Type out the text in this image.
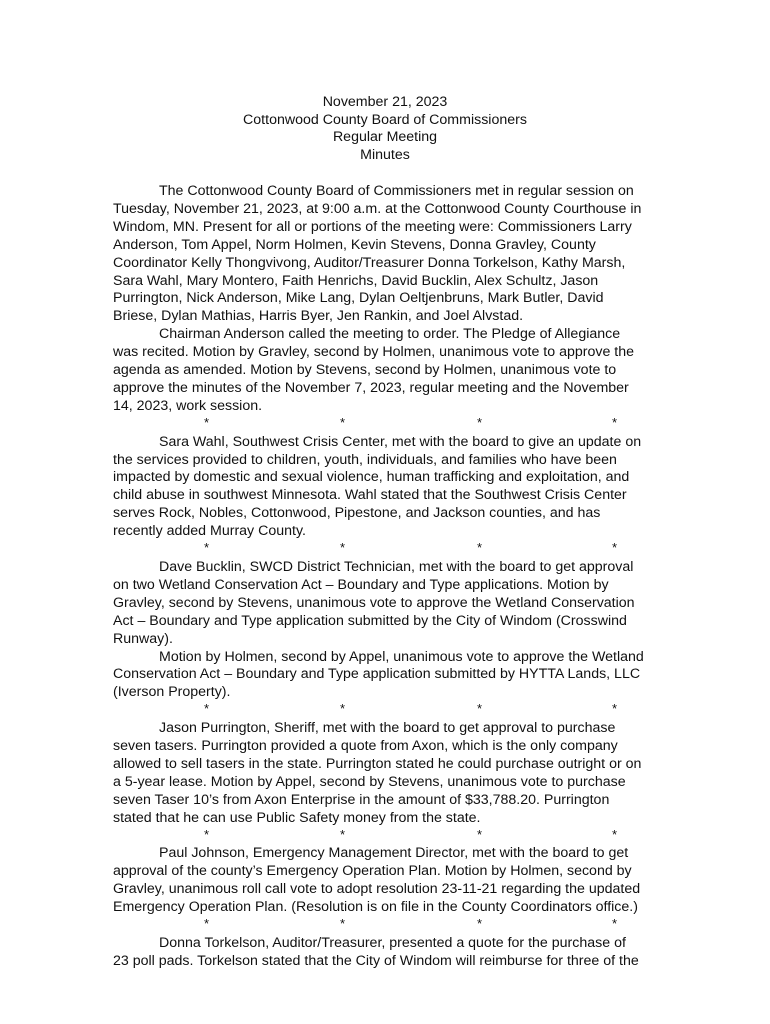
November 21, 2023
Cottonwood County Board of Commissioners
Regular Meeting
Minutes
The Cottonwood County Board of Commissioners met in regular session on
Tuesday, November 21, 2023, at 9:00 a.m. at the Cottonwood County Courthouse in
Windom, MN. Present for all or portions of the meeting were: Commissioners Larry
Anderson, Tom Appel, Norm Holmen, Kevin Stevens, Donna Gravley, County
Coordinator Kelly Thongvivong, Auditor/Treasurer Donna Torkelson, Kathy Marsh,
Sara Wahl, Mary Montero, Faith Henrichs, David Bucklin, Alex Schultz, Jason
Purrington, Nick Anderson, Mike Lang, Dylan Oeltjenbruns, Mark Butler, David
Briese, Dylan Mathias, Harris Byer, Jen Rankin, and Joel Alvstad.
Chairman Anderson called the meeting to order. The Pledge of Allegiance
was recited. Motion by Gravley, second by Holmen, unanimous vote to approve the
agenda as amended. Motion by Stevens, second by Holmen, unanimous vote to
approve the minutes of the November 7, 2023, regular meeting and the November
14, 2023, work session.
*	*	*	*
Sara Wahl, Southwest Crisis Center, met with the board to give an update on
the services provided to children, youth, individuals, and families who have been
impacted by domestic and sexual violence, human trafficking and exploitation, and
child abuse in southwest Minnesota. Wahl stated that the Southwest Crisis Center
serves Rock, Nobles, Cottonwood, Pipestone, and Jackson counties, and has
recently added Murray County.
*	*	*	*
Dave Bucklin, SWCD District Technician, met with the board to get approval
on two Wetland Conservation Act – Boundary and Type applications. Motion by
Gravley, second by Stevens, unanimous vote to approve the Wetland Conservation
Act – Boundary and Type application submitted by the City of Windom (Crosswind
Runway).
Motion by Holmen, second by Appel, unanimous vote to approve the Wetland
Conservation Act – Boundary and Type application submitted by HYTTA Lands, LLC
(Iverson Property).
*	*	*	*
Jason Purrington, Sheriff, met with the board to get approval to purchase
seven tasers. Purrington provided a quote from Axon, which is the only company
allowed to sell tasers in the state. Purrington stated he could purchase outright or on
a 5-year lease. Motion by Appel, second by Stevens, unanimous vote to purchase
seven Taser 10’s from Axon Enterprise in the amount of $33,788.20. Purrington
stated that he can use Public Safety money from the state.
*	*	*	*
Paul Johnson, Emergency Management Director, met with the board to get
approval of the county’s Emergency Operation Plan. Motion by Holmen, second by
Gravley, unanimous roll call vote to adopt resolution 23-11-21 regarding the updated
Emergency Operation Plan. (Resolution is on file in the County Coordinators office.)
*	*	*	*
Donna Torkelson, Auditor/Treasurer, presented a quote for the purchase of
23 poll pads. Torkelson stated that the City of Windom will reimburse for three of the
